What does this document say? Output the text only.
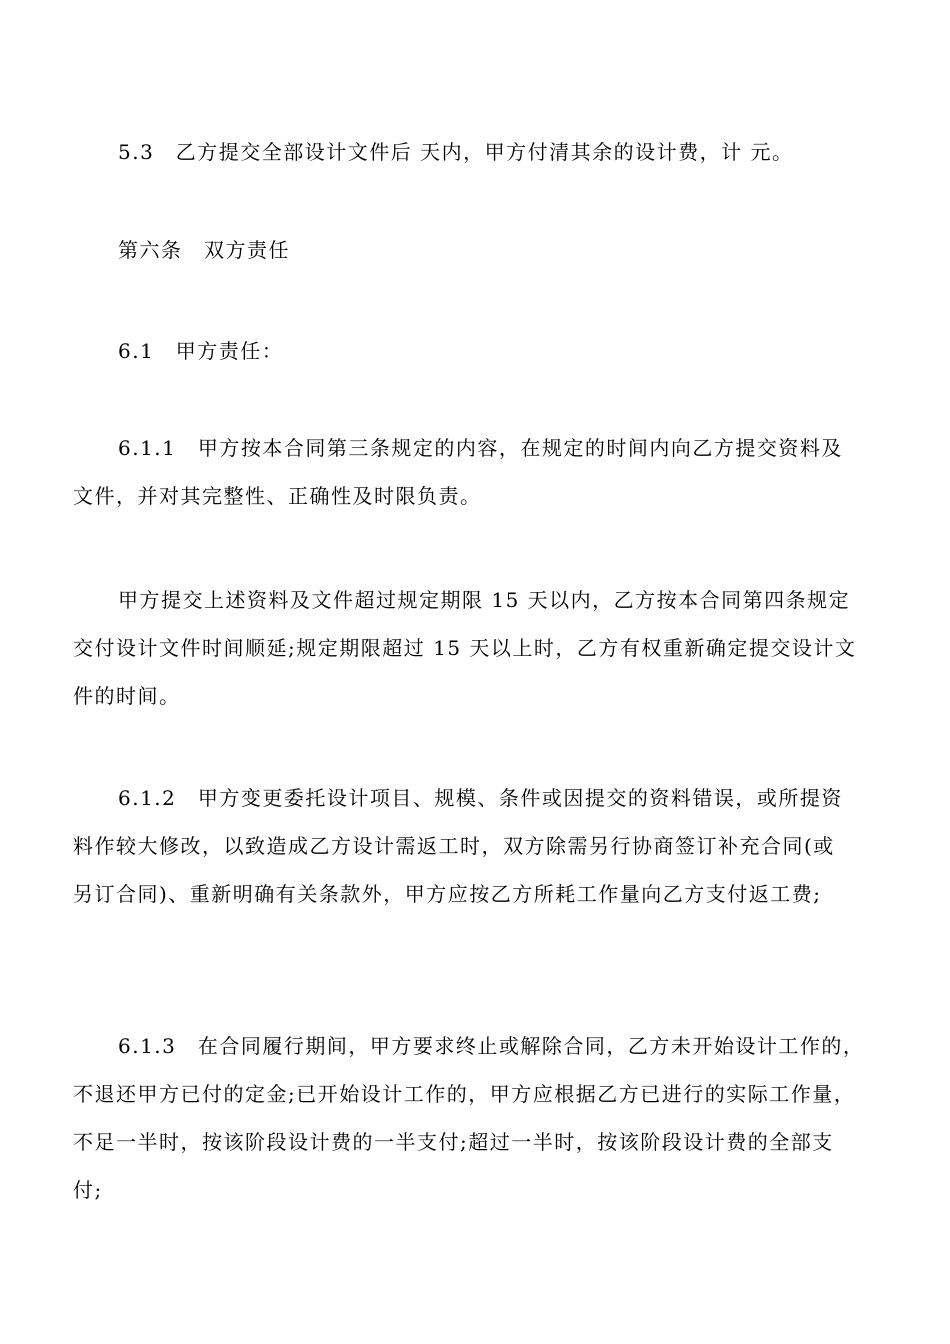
5.3　乙方提交全部设计文件后 天内，甲方付清其余的设计费，计 元。
第六条　双方责任
6.1　甲方责任：
6.1.1　甲方按本合同第三条规定的内容，在规定的时间内向乙方提交资料及
文件，并对其完整性、正确性及时限负责。
甲方提交上述资料及文件超过规定期限 15 天以内，乙方按本合同第四条规定
交付设计文件时间顺延;规定期限超过 15 天以上时，乙方有权重新确定提交设计文
件的时间。
6.1.2　甲方变更委托设计项目、规模、条件或因提交的资料错误，或所提资
料作较大修改，以致造成乙方设计需返工时，双方除需另行协商签订补充合同(或
另订合同)、重新明确有关条款外，甲方应按乙方所耗工作量向乙方支付返工费;
6.1.3　在合同履行期间，甲方要求终止或解除合同，乙方未开始设计工作的，
不退还甲方已付的定金;已开始设计工作的，甲方应根据乙方已进行的实际工作量，
不足一半时，按该阶段设计费的一半支付;超过一半时，按该阶段设计费的全部支
付;
